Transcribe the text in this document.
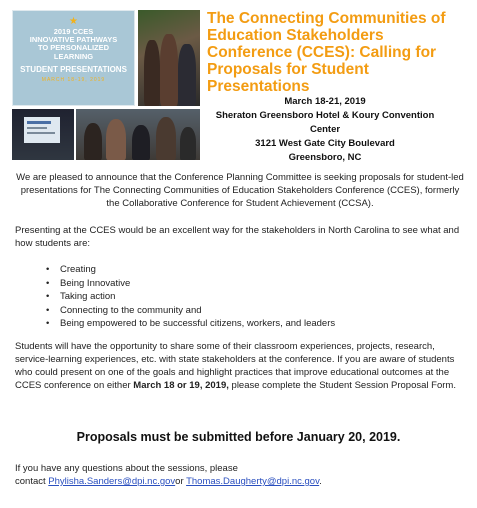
★
2019 CCES
INNOVATIVE PATHWAYS
TO PERSONALIZED
LEARNING
STUDENT PRESENTATIONS
MARCH 18-19, 2019
The Connecting Communities of Education Stakeholders Conference (CCES): Calling for Proposals for Student Presentations
March 18-21, 2019
Sheraton Greensboro Hotel & Koury Convention Center
3121 West Gate City Boulevard
Greensboro, NC

We are pleased to announce that the Conference Planning Committee is seeking proposals for student-led presentations for The Connecting Communities of Education Stakeholders Conference (CCES), formerly the Collaborative Conference for Student Achievement (CCSA).

Presenting at the CCES would be an excellent way for the stakeholders in North Carolina to see what and how students are:

• Creating
• Being Innovative
• Taking action
• Connecting to the community and
• Being empowered to be successful citizens, workers, and leaders

Students will have the opportunity to share some of their classroom experiences, projects, research, service-learning experiences, etc. with state stakeholders at the conference. If you are aware of students who could present on one of the goals and highlight practices that improve educational outcomes at the CCES conference on either March 18 or 19, 2019, please complete the Student Session Proposal Form.

Proposals must be submitted before January 20, 2019.

If you have any questions about the sessions, please
contact Phylisha.Sanders@dpi.nc.govor Thomas.Daugherty@dpi.nc.gov.
